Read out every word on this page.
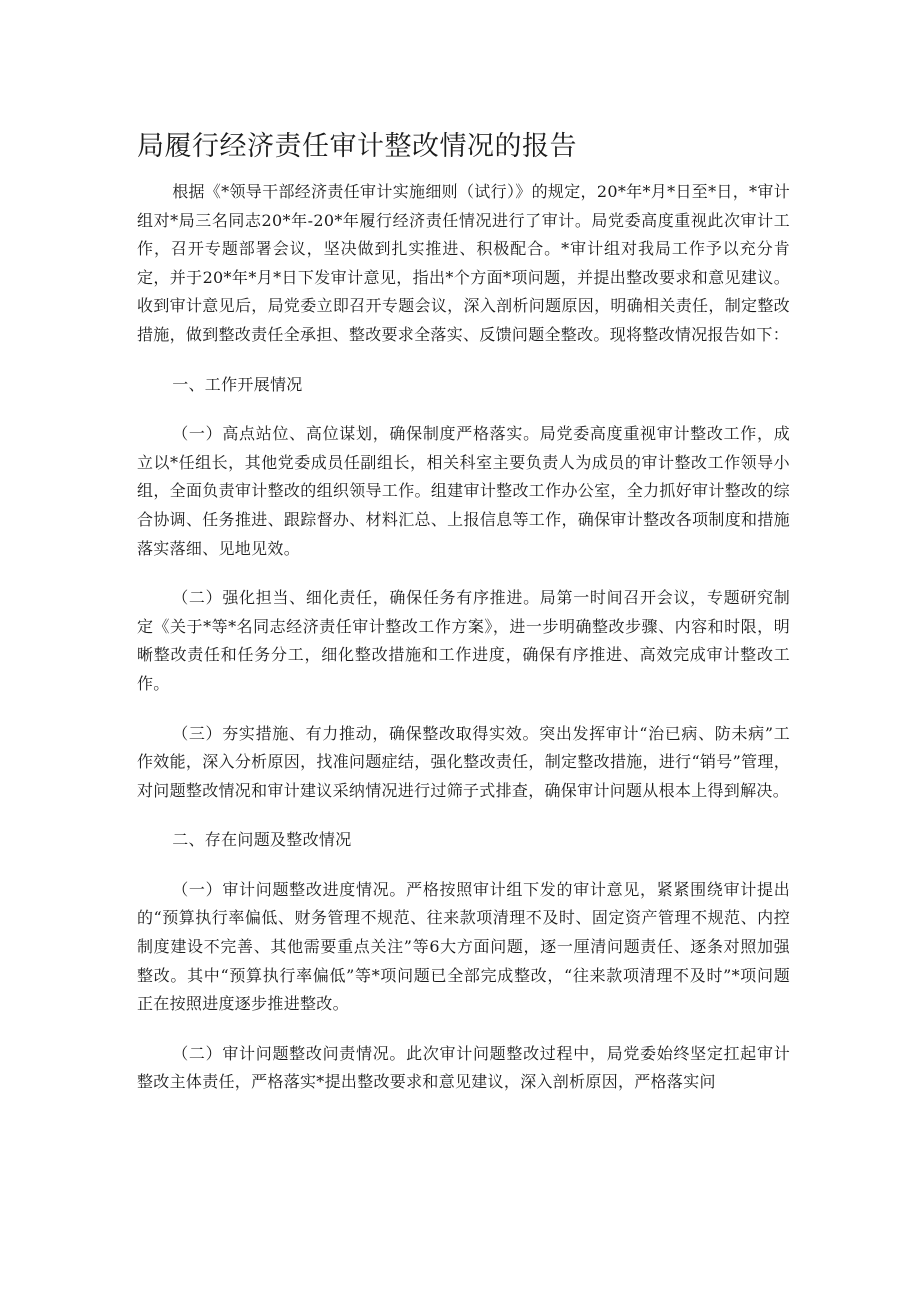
局履行经济责任审计整改情况的报告

根据《*领导干部经济责任审计实施细则（试行）》的规定，20*年*月*日至*日，*审计组对*局三名同志20*年-20*年履行经济责任情况进行了审计。局党委高度重视此次审计工作，召开专题部署会议，坚决做到扎实推进、积极配合。*审计组对我局工作予以充分肯定，并于20*年*月*日下发审计意见，指出*个方面*项问题，并提出整改要求和意见建议。收到审计意见后，局党委立即召开专题会议，深入剖析问题原因，明确相关责任，制定整改措施，做到整改责任全承担、整改要求全落实、反馈问题全整改。现将整改情况报告如下：

一、工作开展情况

（一）高点站位、高位谋划，确保制度严格落实。局党委高度重视审计整改工作，成立以*任组长，其他党委成员任副组长，相关科室主要负责人为成员的审计整改工作领导小组，全面负责审计整改的组织领导工作。组建审计整改工作办公室，全力抓好审计整改的综合协调、任务推进、跟踪督办、材料汇总、上报信息等工作，确保审计整改各项制度和措施落实落细、见地见效。

（二）强化担当、细化责任，确保任务有序推进。局第一时间召开会议，专题研究制定《关于*等*名同志经济责任审计整改工作方案》，进一步明确整改步骤、内容和时限，明晰整改责任和任务分工，细化整改措施和工作进度，确保有序推进、高效完成审计整改工作。

（三）夯实措施、有力推动，确保整改取得实效。突出发挥审计“治已病、防未病”工作效能，深入分析原因，找准问题症结，强化整改责任，制定整改措施，进行“销号”管理，对问题整改情况和审计建议采纳情况进行过筛子式排查，确保审计问题从根本上得到解决。

二、存在问题及整改情况

（一）审计问题整改进度情况。严格按照审计组下发的审计意见，紧紧围绕审计提出的“预算执行率偏低、财务管理不规范、往来款项清理不及时、固定资产管理不规范、内控制度建设不完善、其他需要重点关注”等6大方面问题，逐一厘清问题责任、逐条对照加强整改。其中“预算执行率偏低”等*项问题已全部完成整改，“往来款项清理不及时”*项问题正在按照进度逐步推进整改。

（二）审计问题整改问责情况。此次审计问题整改过程中，局党委始终坚定扛起审计整改主体责任，严格落实*提出整改要求和意见建议，深入剖析原因，严格落实问
